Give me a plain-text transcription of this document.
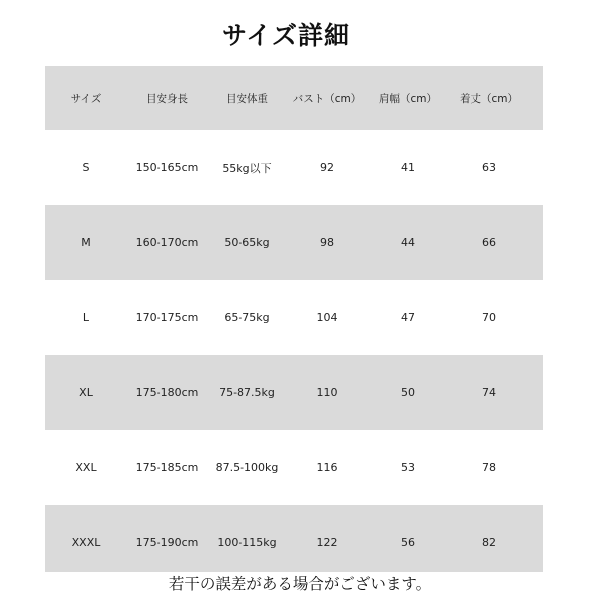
サイズ詳細
サイズ	目安身長	目安体重	バスト（cm）	肩幅（cm）	着丈（cm）
S	150-165cm	55kg以下	92	41	63
M	160-170cm	50-65kg	98	44	66
L	170-175cm	65-75kg	104	47	70
XL	175-180cm	75-87.5kg	110	50	74
XXL	175-185cm	87.5-100kg	116	53	78
XXXL	175-190cm	100-115kg	122	56	82
若干の誤差がある場合がございます。
